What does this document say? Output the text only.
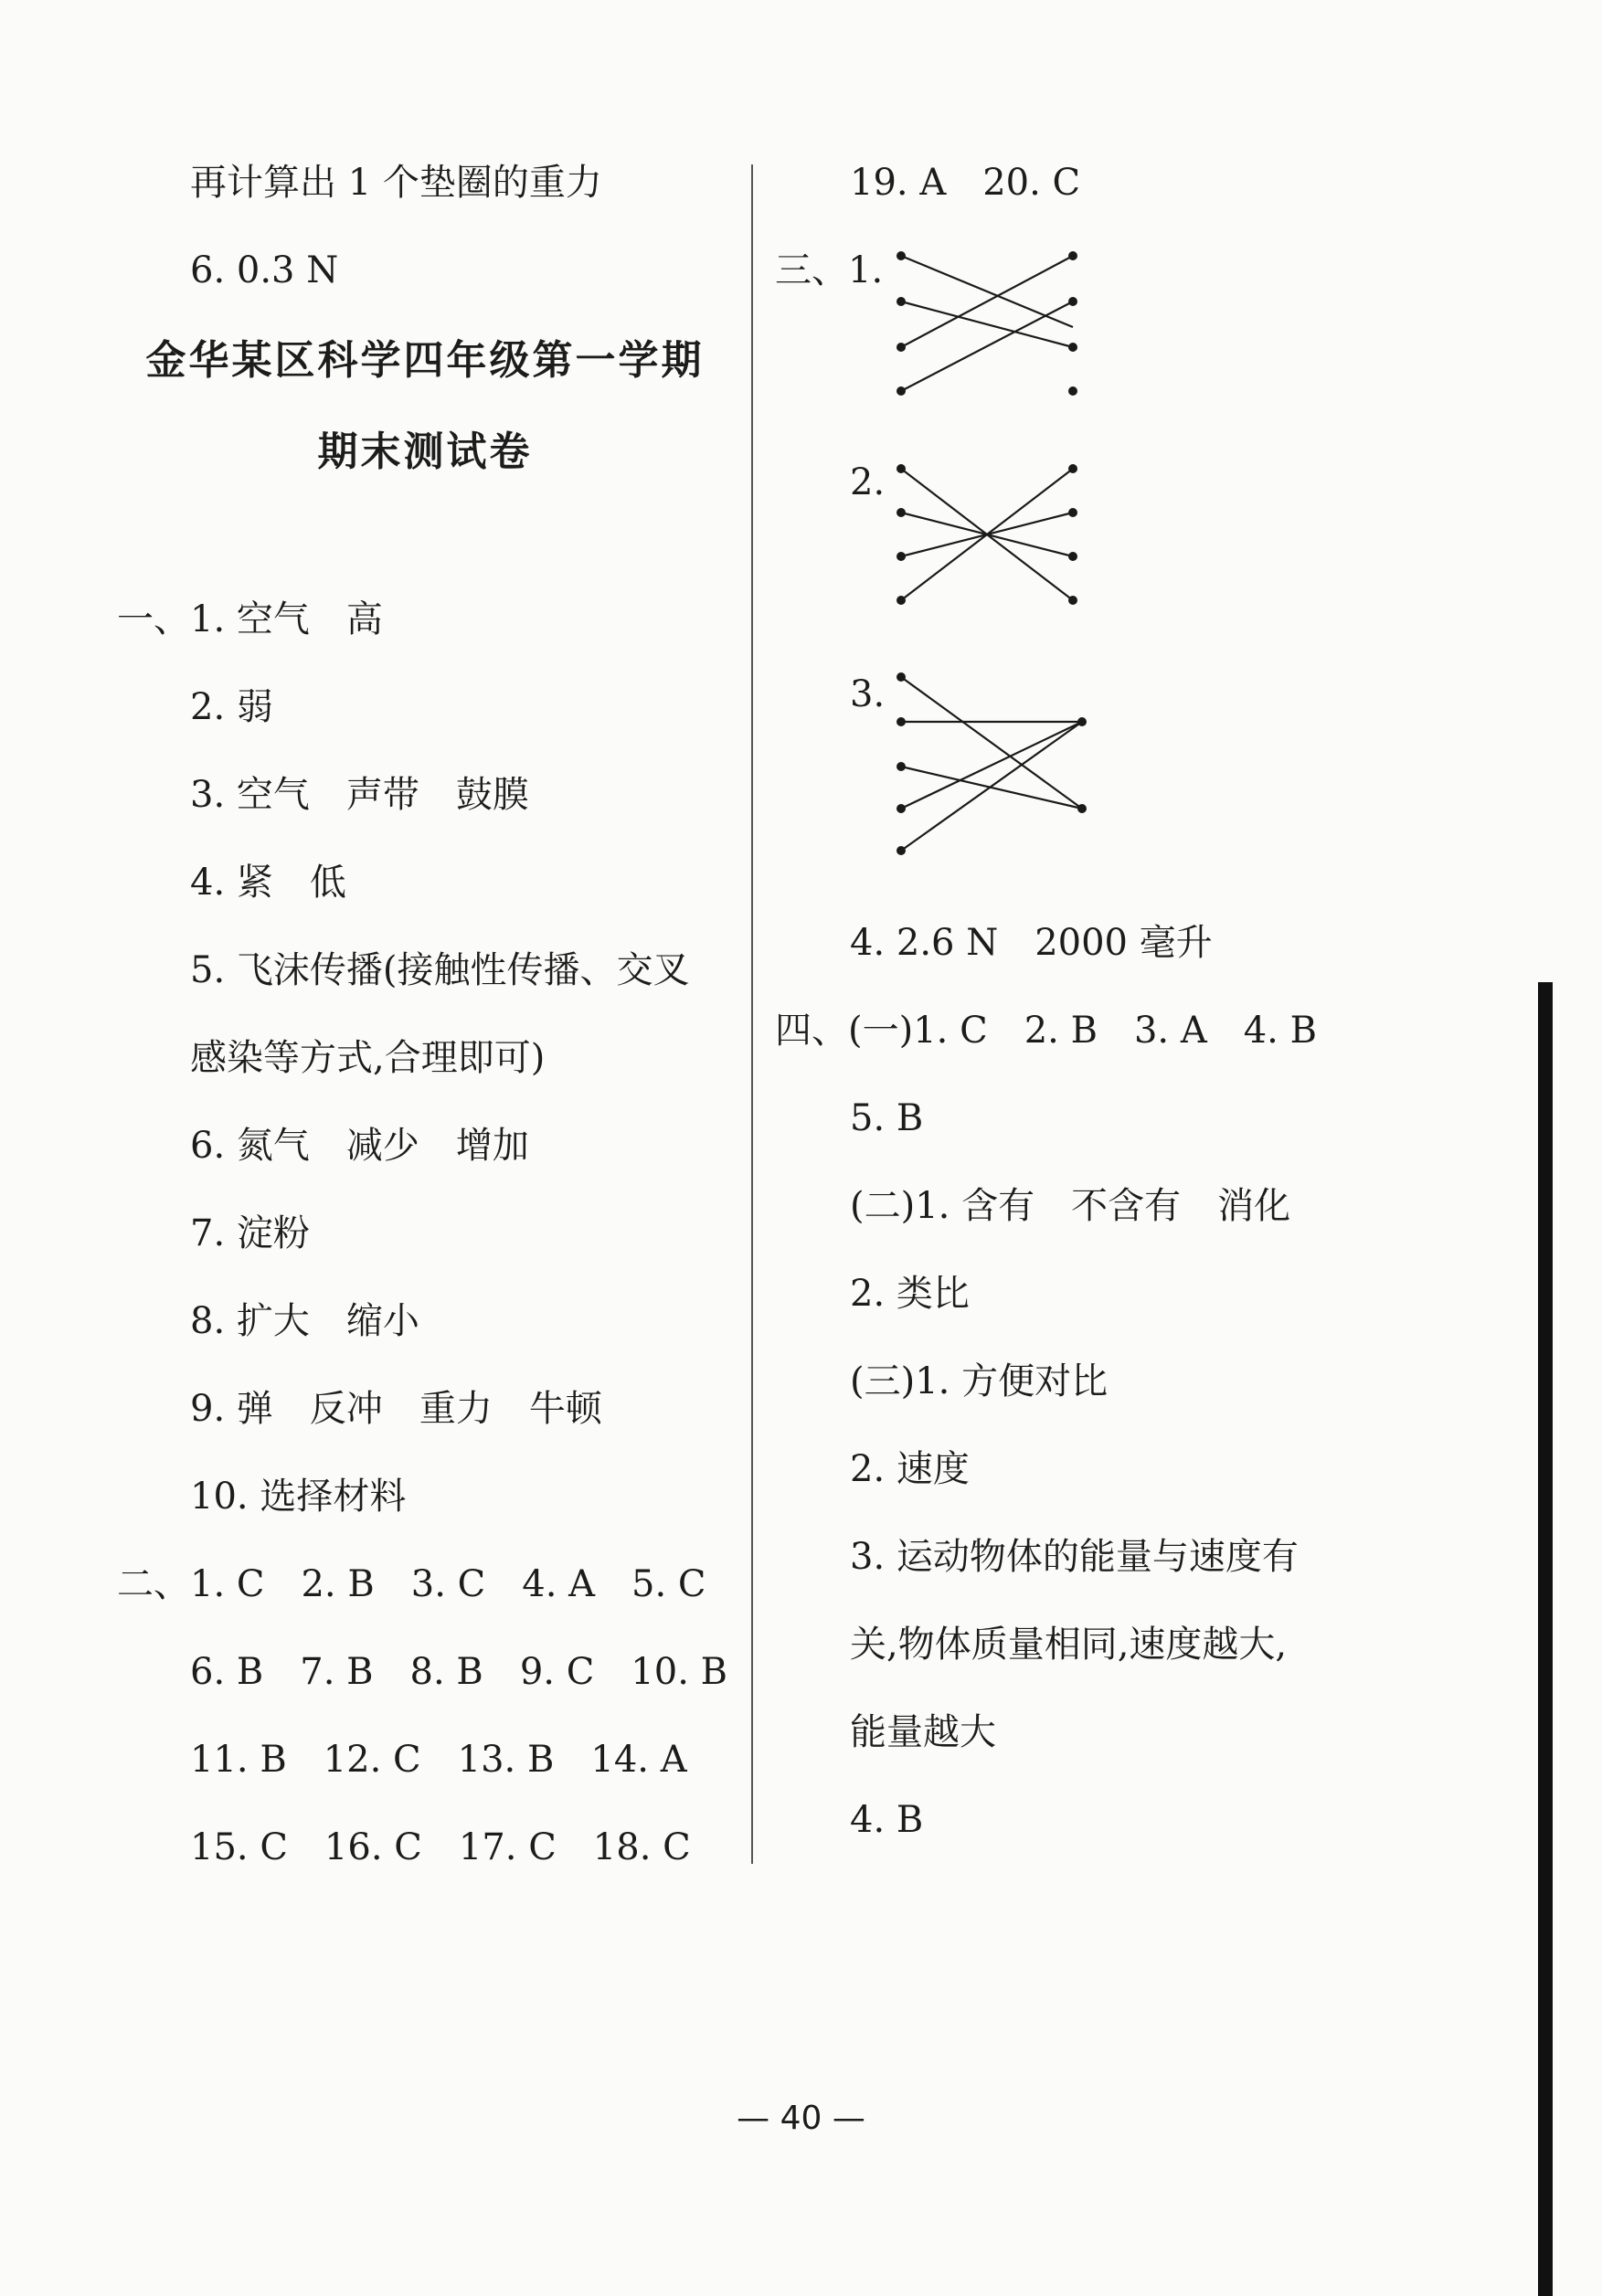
再计算出 1 个垫圈的重力
6. 0.3 N
金华某区科学四年级第一学期
期末测试卷
一、1. 空气　高
2. 弱
3. 空气　声带　鼓膜
4. 紧　低
5. 飞沫传播(接触性传播、交叉
感染等方式,合理即可)
6. 氮气　减少　增加
7. 淀粉
8. 扩大　缩小
9. 弹　反冲　重力　牛顿
10. 选择材料
二、1. C　2. B　3. C　4. A　5. C
6. B　7. B　8. B　9. C　10. B
11. B　12. C　13. B　14. A
15. C　16. C　17. C　18. C
19. A　20. C
三、1.
2.
3.
4. 2.6 N　2000 毫升
四、(一)1. C　2. B　3. A　4. B
5. B
(二)1. 含有　不含有　消化
2. 类比
(三)1. 方便对比
2. 速度
3. 运动物体的能量与速度有
关,物体质量相同,速度越大,
能量越大
4. B
— 40 —
